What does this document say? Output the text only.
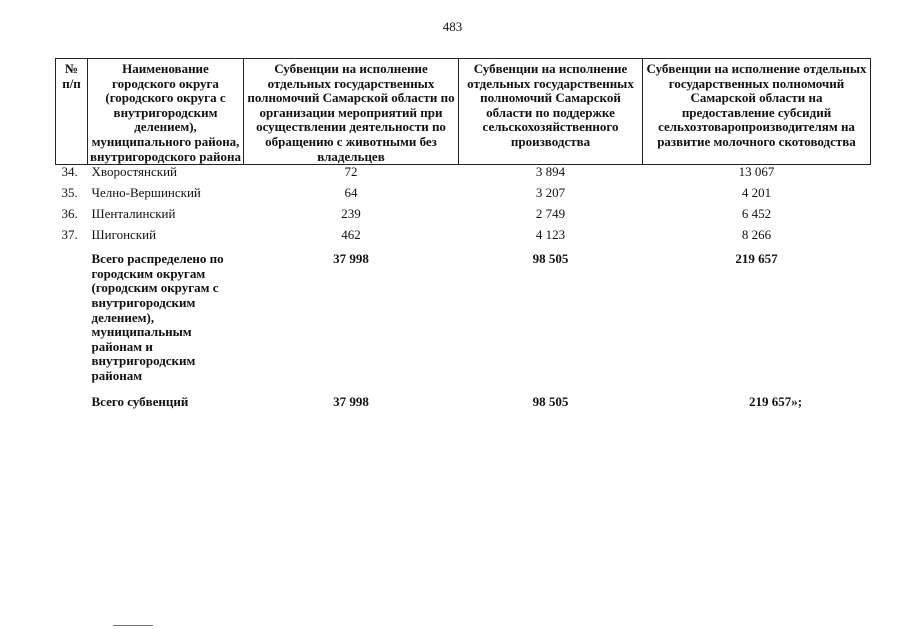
483
№ п/п	Наименование городского округа (городского округа с внутригородским делением), муниципального района, внутригородского района	Субвенции на исполнение отдельных государственных полномочий Самарской области по организации мероприятий при осуществлении деятельности по обращению с животными без владельцев	Субвенции на исполнение отдельных государственных полномочий Самарской области по поддержке сельскохозяйственного производства	Субвенции на исполнение отдельных государственных полномочий Самарской области на предоставление субсидий сельхозтоваропроизводителям на развитие молочного скотоводства
34.	Хворостянский	72	3 894	13 067
35.	Челно-Вершинский	64	3 207	4 201
36.	Шенталинский	239	2 749	6 452
37.	Шигонский	462	4 123	8 266
	Всего распределено по городским округам (городским округам с внутригородским делением), муниципальным районам и внутригородским районам	37 998	98 505	219 657
	Всего субвенций	37 998	98 505	219 657»;
